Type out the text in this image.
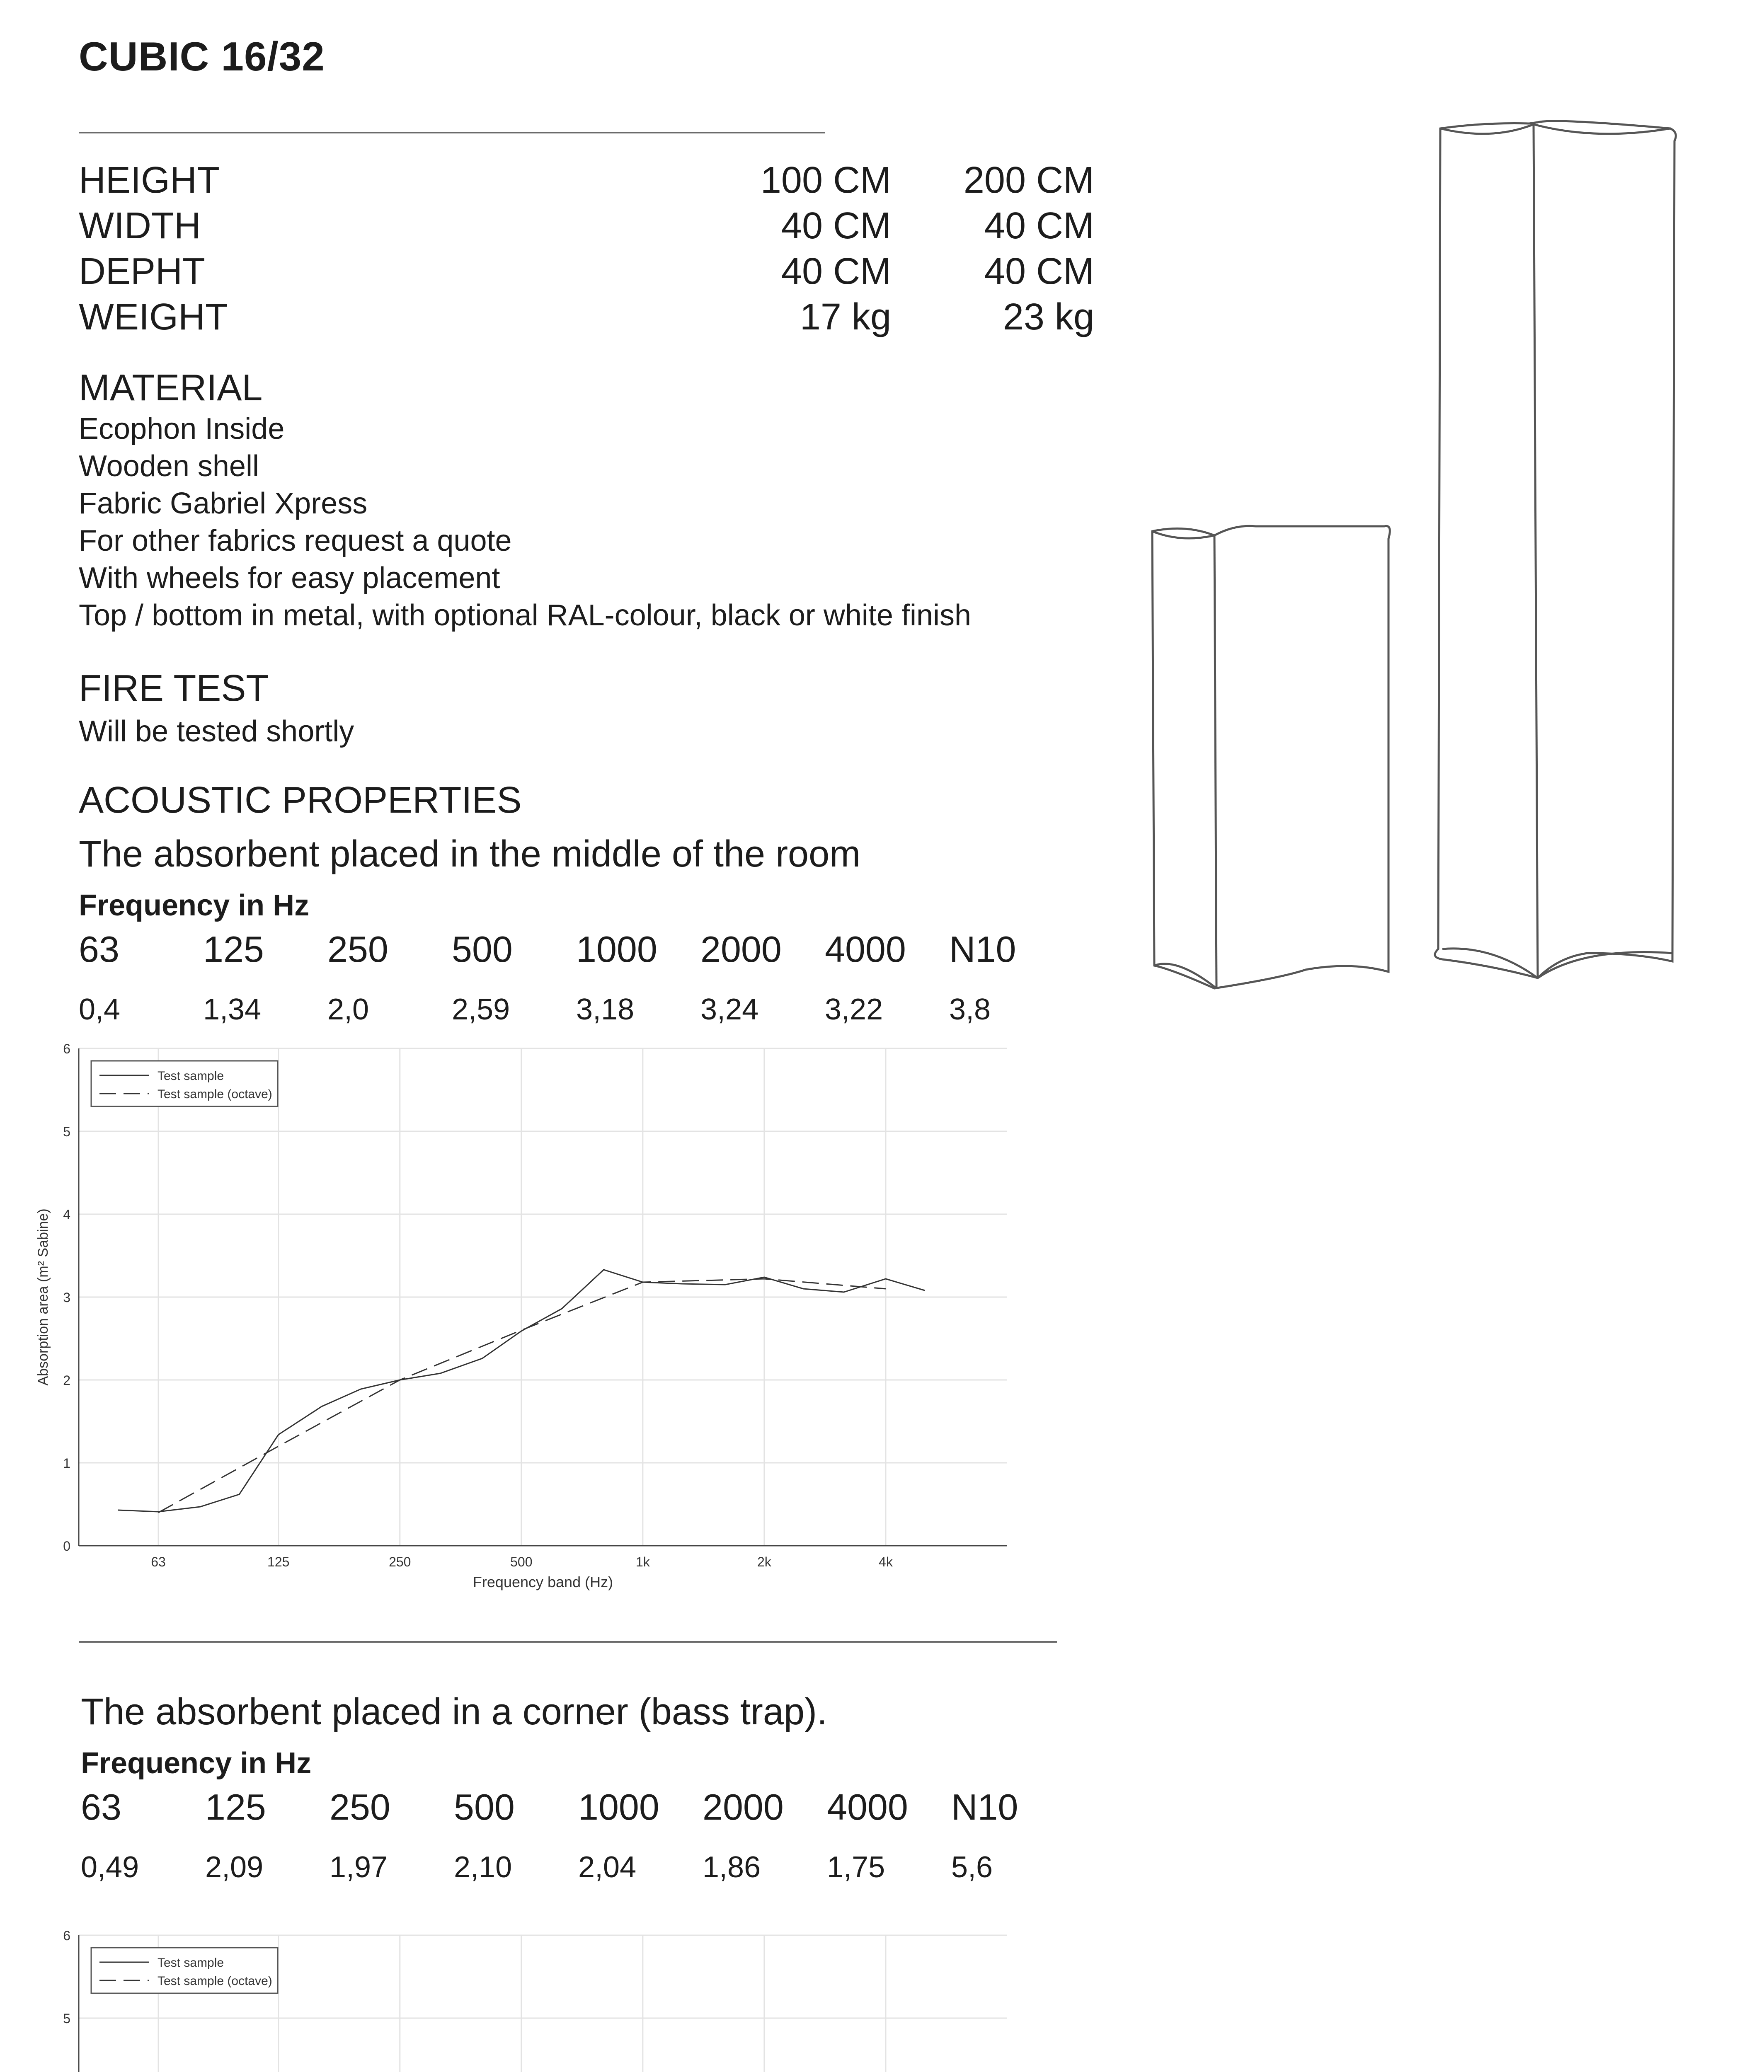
CUBIC 16/32
HEIGHT	100 CM	200 CM
WIDTH	40 CM	40 CM
DEPHT	40 CM	40 CM
WEIGHT	17 kg	23 kg
MATERIAL
Ecophon Inside
Wooden shell
Fabric Gabriel Xpress
For other fabrics request a quote
With wheels for easy placement
Top / bottom in metal, with optional RAL-colour, black or white finish
FIRE TEST
Will be tested shortly
ACOUSTIC PROPERTIES
The absorbent placed in the middle of the room
Frequency in Hz
63 125 250 500 1000 2000 4000 N10
0,4	1,34 2,0	2,59 3,18 3,24 3,22 3,8
0
1
2
3
4
5
6
63	125	250	500	1k	2k	4k
Frequency band (Hz)
Absorption area (m² Sabine)
Test sample
Test sample (octave)
The absorbent placed in a corner (bass trap).
Frequency in Hz
63 125 250 500 1000 2000 4000 N10
0,49 2,09 1,97 2,10 2,04 1,86 1,75 5,6
5
6
Test sample
Test sample (octave)
